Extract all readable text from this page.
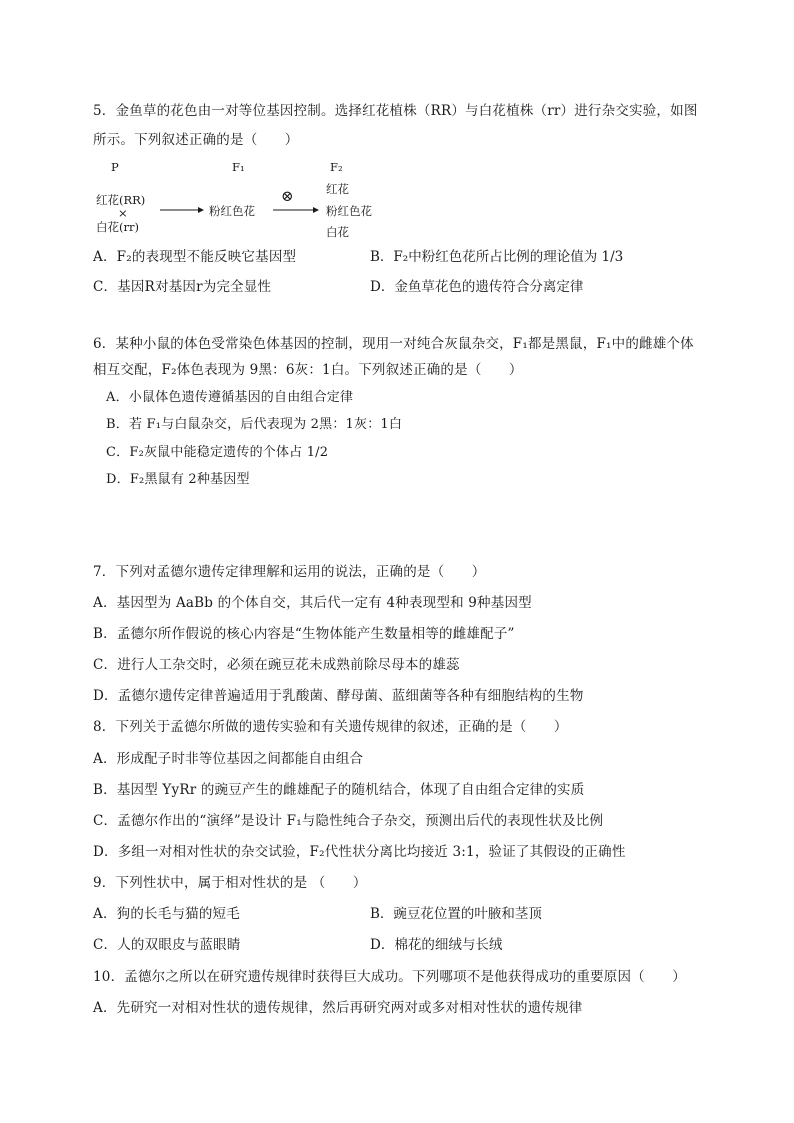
5．金鱼草的花色由一对等位基因控制。选择红花植株（RR）与白花植株（rr）进行杂交实验，如图
所示。下列叙述正确的是（　　）
P	F₁	F₂
红花(RR)
×
白花(rr)
粉红色花
⊗	红花
粉红色花
白花
A．F₂的表现型不能反映它基因型	B．F₂中粉红色花所占比例的理论值为 1/3
C．基因R对基因r为完全显性	D．金鱼草花色的遗传符合分离定律
6．某种小鼠的体色受常染色体基因的控制，现用一对纯合灰鼠杂交，F₁都是黑鼠，F₁中的雌雄个体
相互交配，F₂体色表现为 9黑：6灰：1白。下列叙述正确的是（　　）
A．小鼠体色遗传遵循基因的自由组合定律
B．若 F₁与白鼠杂交，后代表现为 2黑：1灰：1白
C．F₂灰鼠中能稳定遗传的个体占 1/2
D．F₂黑鼠有 2种基因型
7．下列对孟德尔遗传定律理解和运用的说法，正确的是（　　）
A．基因型为 AaBb 的个体自交，其后代一定有 4种表现型和 9种基因型
B．孟德尔所作假说的核心内容是“生物体能产生数量相等的雌雄配子”
C．进行人工杂交时，必须在豌豆花未成熟前除尽母本的雄蕊
D．孟德尔遗传定律普遍适用于乳酸菌、酵母菌、蓝细菌等各种有细胞结构的生物
8．下列关于孟德尔所做的遗传实验和有关遗传规律的叙述，正确的是（　　）
A．形成配子时非等位基因之间都能自由组合
B．基因型 YyRr 的豌豆产生的雌雄配子的随机结合，体现了自由组合定律的实质
C．孟德尔作出的“演绎”是设计 F₁与隐性纯合子杂交，预测出后代的表现性状及比例
D．多组一对相对性状的杂交试验，F₂代性状分离比均接近 3:1，验证了其假设的正确性
9．下列性状中，属于相对性状的是 （　　）
A．狗的长毛与猫的短毛	B．豌豆花位置的叶腋和茎顶
C．人的双眼皮与蓝眼睛	D．棉花的细绒与长绒
10．孟德尔之所以在研究遗传规律时获得巨大成功。下列哪项不是他获得成功的重要原因（　　）
A．先研究一对相对性状的遗传规律，然后再研究两对或多对相对性状的遗传规律
